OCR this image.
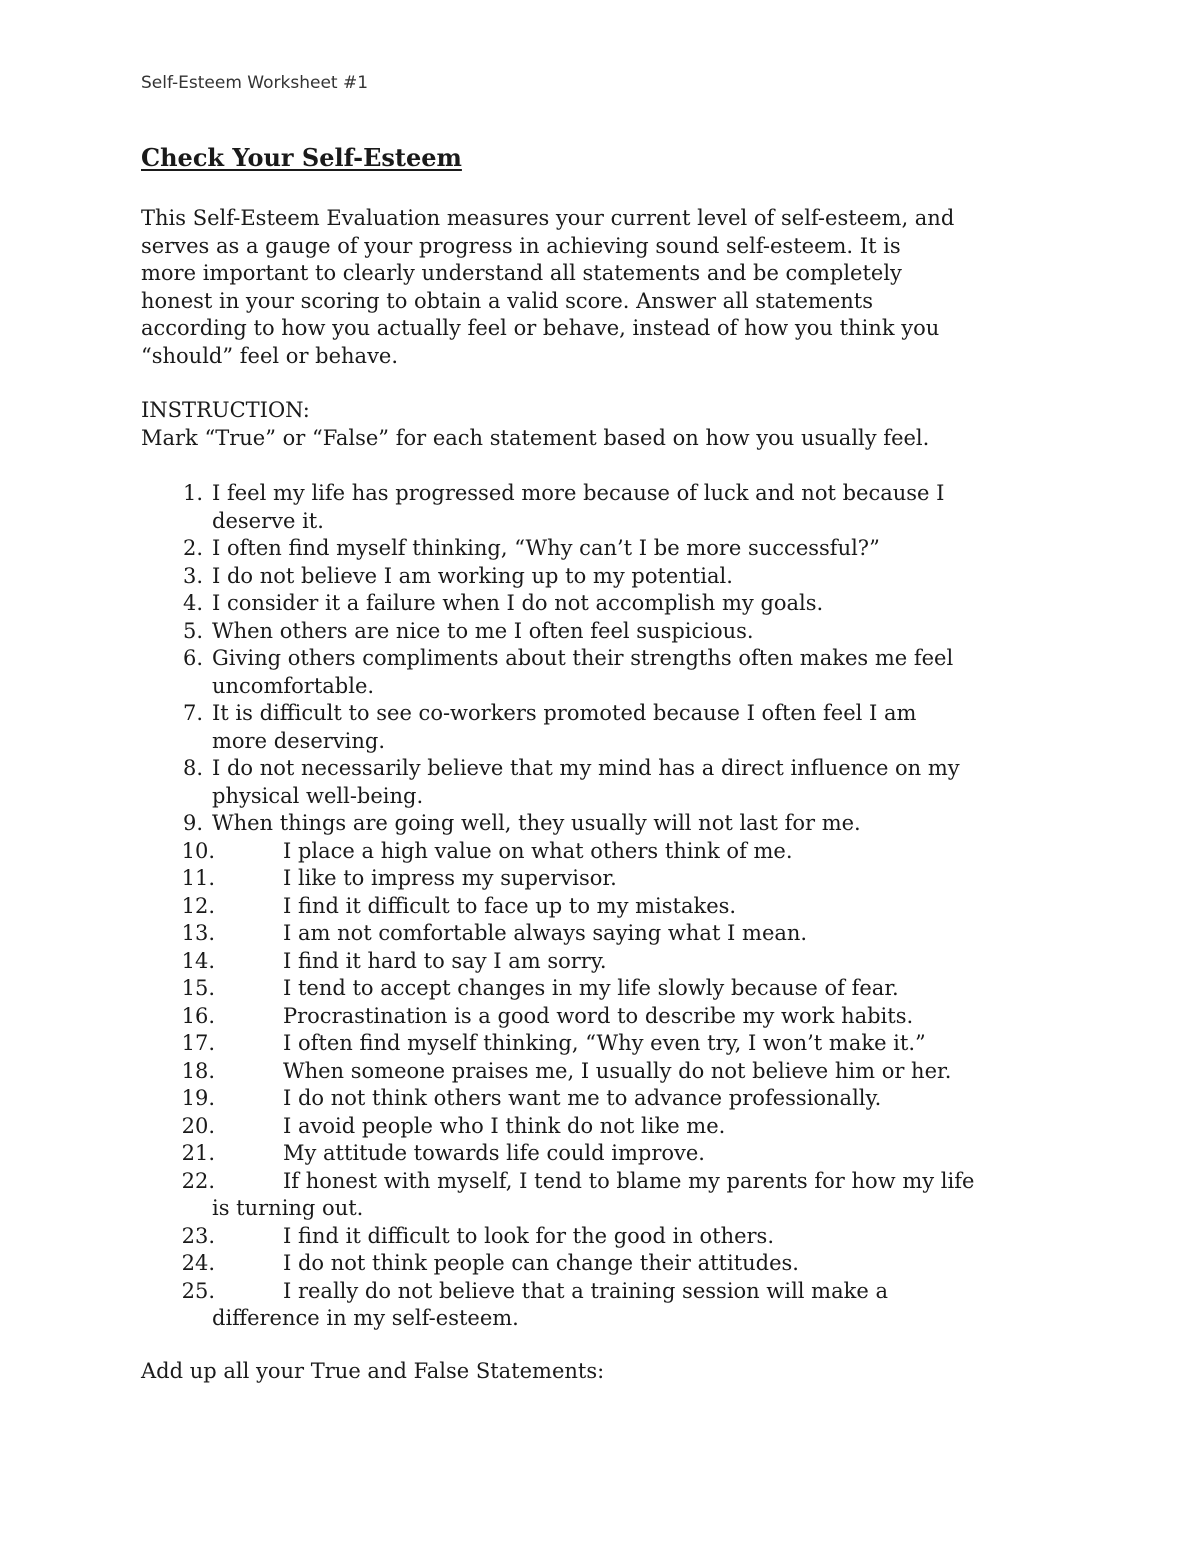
Self-Esteem Worksheet #1

Check Your Self-Esteem
This Self-Esteem Evaluation measures your current level of self-esteem, and
serves as a gauge of your progress in achieving sound self-esteem. It is
more important to clearly understand all statements and be completely
honest in your scoring to obtain a valid score. Answer all statements
according to how you actually feel or behave, instead of how you think you
“should” feel or behave.
INSTRUCTION:
Mark “True” or “False” for each statement based on how you usually feel.
1. I feel my life has progressed more because of luck and not because I
deserve it.
2. I often find myself thinking, “Why can’t I be more successful?”
3. I do not believe I am working up to my potential.
4. I consider it a failure when I do not accomplish my goals.
5. When others are nice to me I often feel suspicious.
6. Giving others compliments about their strengths often makes me feel
uncomfortable.
7. It is difficult to see co-workers promoted because I often feel I am
more deserving.
8. I do not necessarily believe that my mind has a direct influence on my
physical well-being.
9. When things are going well, they usually will not last for me.
10.	I place a high value on what others think of me.
11.	I like to impress my supervisor.
12.	I find it difficult to face up to my mistakes.
13.	I am not comfortable always saying what I mean.
14.	I find it hard to say I am sorry.
15.	I tend to accept changes in my life slowly because of fear.
16.	Procrastination is a good word to describe my work habits.
17.	I often find myself thinking, “Why even try, I won’t make it.”
18.	When someone praises me, I usually do not believe him or her.
19.	I do not think others want me to advance professionally.
20.	I avoid people who I think do not like me.
21.	My attitude towards life could improve.
22.	If honest with myself, I tend to blame my parents for how my life
is turning out.
23.	I find it difficult to look for the good in others.
24.	I do not think people can change their attitudes.
25.	I really do not believe that a training session will make a
difference in my self-esteem.

Add up all your True and False Statements:
